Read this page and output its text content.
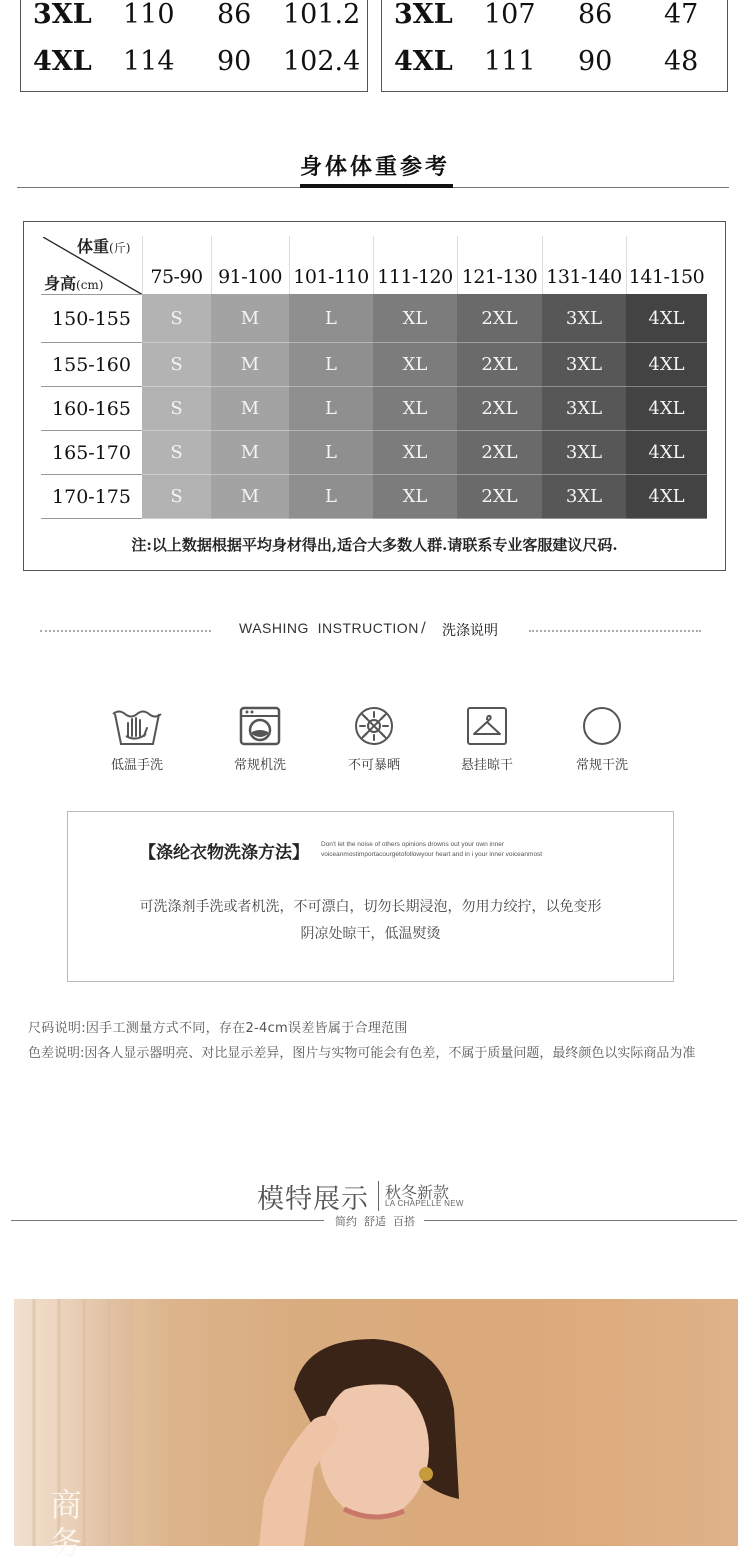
3XL 110 86 101.2
4XL 114 90 102.4
3XL 107 86 47
4XL 111 90 48
身体体重参考
体重(斤)
身高(cm)	75-90 91-100 101-110 111-120 121-130 131-140 141-150
150-155	S	M	L	XL	2XL	3XL	4XL
155-160	S	M	L	XL	2XL	3XL	4XL
160-165	S	M	L	XL	2XL	3XL	4XL
165-170	S	M	L	XL	2XL	3XL	4XL
170-175	S	M	L	XL	2XL	3XL	4XL
注:以上数据根据平均身材得出,适合大多数人群.请联系专业客服建议尺码.
WASHING  INSTRUCTION / 洗涤说明
低温手洗	常规机洗	不可暴晒	悬挂晾干	常规干洗
【涤纶衣物洗涤方法】 Don't let the noise of others opinions drowns out your own inner voiceanmostimportacourgetofollowyour heart and in i your inner voiceanmost
可洗涤剂手洗或者机洗，不可漂白，切勿长期浸泡，勿用力绞拧，以免变形
阴凉处晾干，低温熨烫
尺码说明:因手工测量方式不同，存在2-4cm误差皆属于合理范围
色差说明:因各人显示器明亮、对比显示差异，图片与实物可能会有色差，不属于质量问题，最终颜色以实际商品为准
模特展示 秋冬新款
LA CHAPELLE NEW
简约  舒适  百搭
商务
